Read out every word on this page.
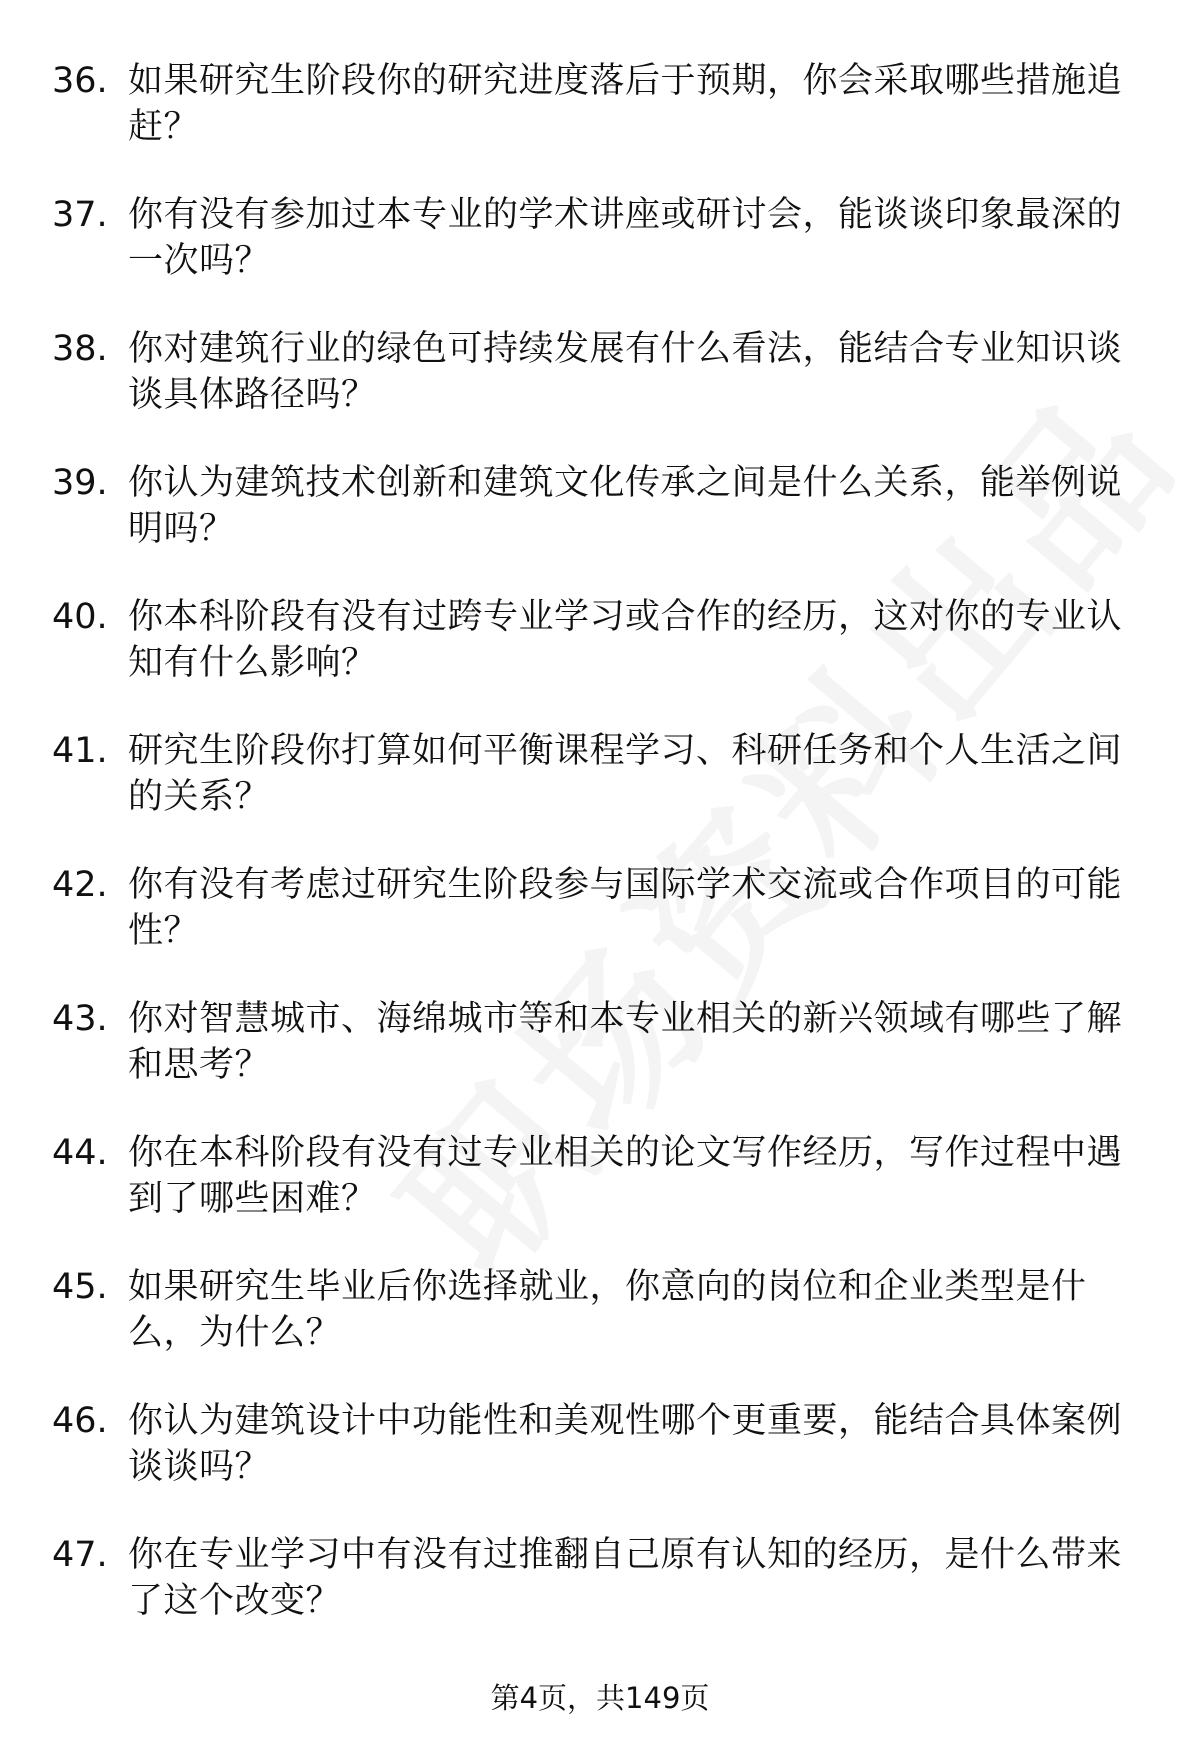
36. 如果研究生阶段你的研究进度落后于预期，你会采取哪些措施追赶？
37. 你有没有参加过本专业的学术讲座或研讨会，能谈谈印象最深的一次吗？
38. 你对建筑行业的绿色可持续发展有什么看法，能结合专业知识谈谈具体路径吗？
39. 你认为建筑技术创新和建筑文化传承之间是什么关系，能举例说明吗？
40. 你本科阶段有没有过跨专业学习或合作的经历，这对你的专业认知有什么影响？
41. 研究生阶段你打算如何平衡课程学习、科研任务和个人生活之间的关系？
42. 你有没有考虑过研究生阶段参与国际学术交流或合作项目的可能性？
43. 你对智慧城市、海绵城市等和本专业相关的新兴领域有哪些了解和思考？
44. 你在本科阶段有没有过专业相关的论文写作经历，写作过程中遇到了哪些困难？
45. 如果研究生毕业后你选择就业，你意向的岗位和企业类型是什么，为什么？
46. 你认为建筑设计中功能性和美观性哪个更重要，能结合具体案例谈谈吗？
47. 你在专业学习中有没有过推翻自己原有认知的经历，是什么带来了这个改变？
第4页，共149页
